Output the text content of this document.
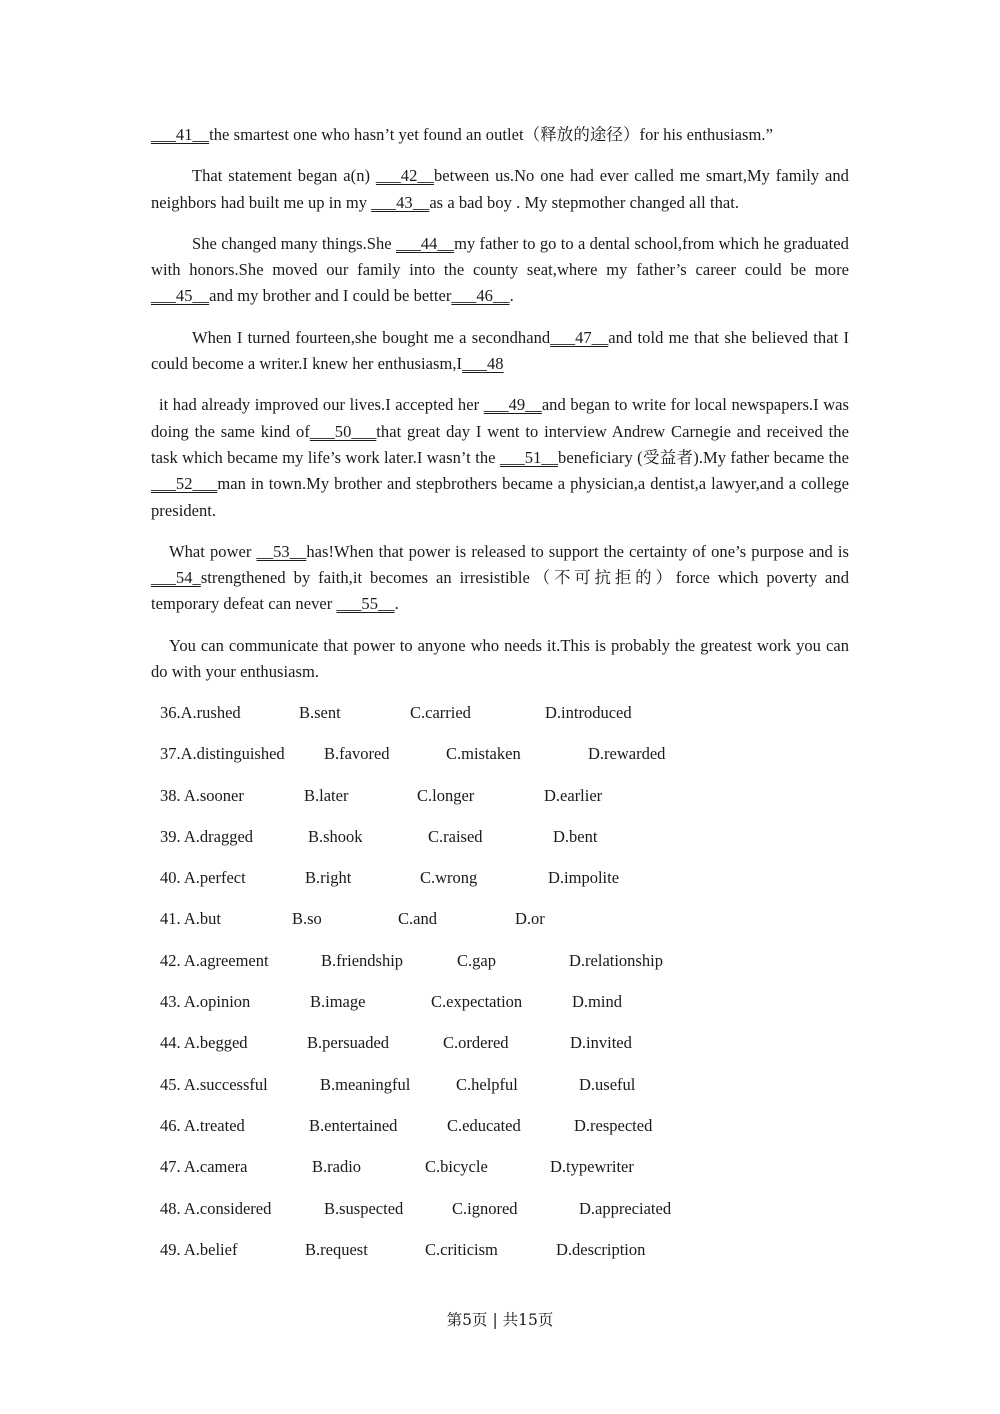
___41__the smartest one who hasn’t yet found an outlet（释放的途径）for his enthusiasm.”

That statement began a(n) ___42__between us.No one had ever called me smart,My family and neighbors had built me up in my ___43__as a bad boy . My stepmother changed all that.

She changed many things.She ___44__my father to go to a dental school,from which he graduated with honors.She moved our family into the county seat,where my father’s career could be more ___45__and my brother and I could be better___46__.

When I turned fourteen,she bought me a secondhand___47__and told me that she believed that I could become a writer.I knew her enthusiasm,I___48

it had already improved our lives.I accepted her ___49__and began to write for local newspapers.I was doing the same kind of___50___that great day I went to interview Andrew Carnegie and received the task which became my life’s work later.I wasn’t the ___51__beneficiary (受益者).My father became the ___52___man in town.My brother and stepbrothers became a physician,a dentist,a lawyer,and a college president.

What power __53__has!When that power is released to support the certainty of one’s purpose and is ___54_strengthened by faith,it becomes an irresistible（不可抗拒的）force which poverty and temporary defeat can never ___55__.

You can communicate that power to anyone who needs it.This is probably the greatest work you can do with your enthusiasm.

36.A.rushed	B.sent	C.carried	D.introduced
37.A.distinguished B.favored	C.mistaken	D.rewarded
38. A.sooner	B.later	C.longer	D.earlier
39. A.dragged	B.shook	C.raised	D.bent
40. A.perfect	B.right	C.wrong	D.impolite
41. A.but	B.so	C.and	D.or
42. A.agreement	B.friendship	C.gap	D.relationship
43. A.opinion	B.image	C.expectation	D.mind
44. A.begged	B.persuaded	C.ordered	D.invited
45. A.successful	B.meaningful	C.helpful	D.useful
46. A.treated	B.entertained	C.educated	D.respected
47. A.camera	B.radio	C.bicycle	D.typewriter
48. A.considered	B.suspected	C.ignored	D.appreciated
49. A.belief	B.request	C.criticism	D.description
第5页 | 共15页
